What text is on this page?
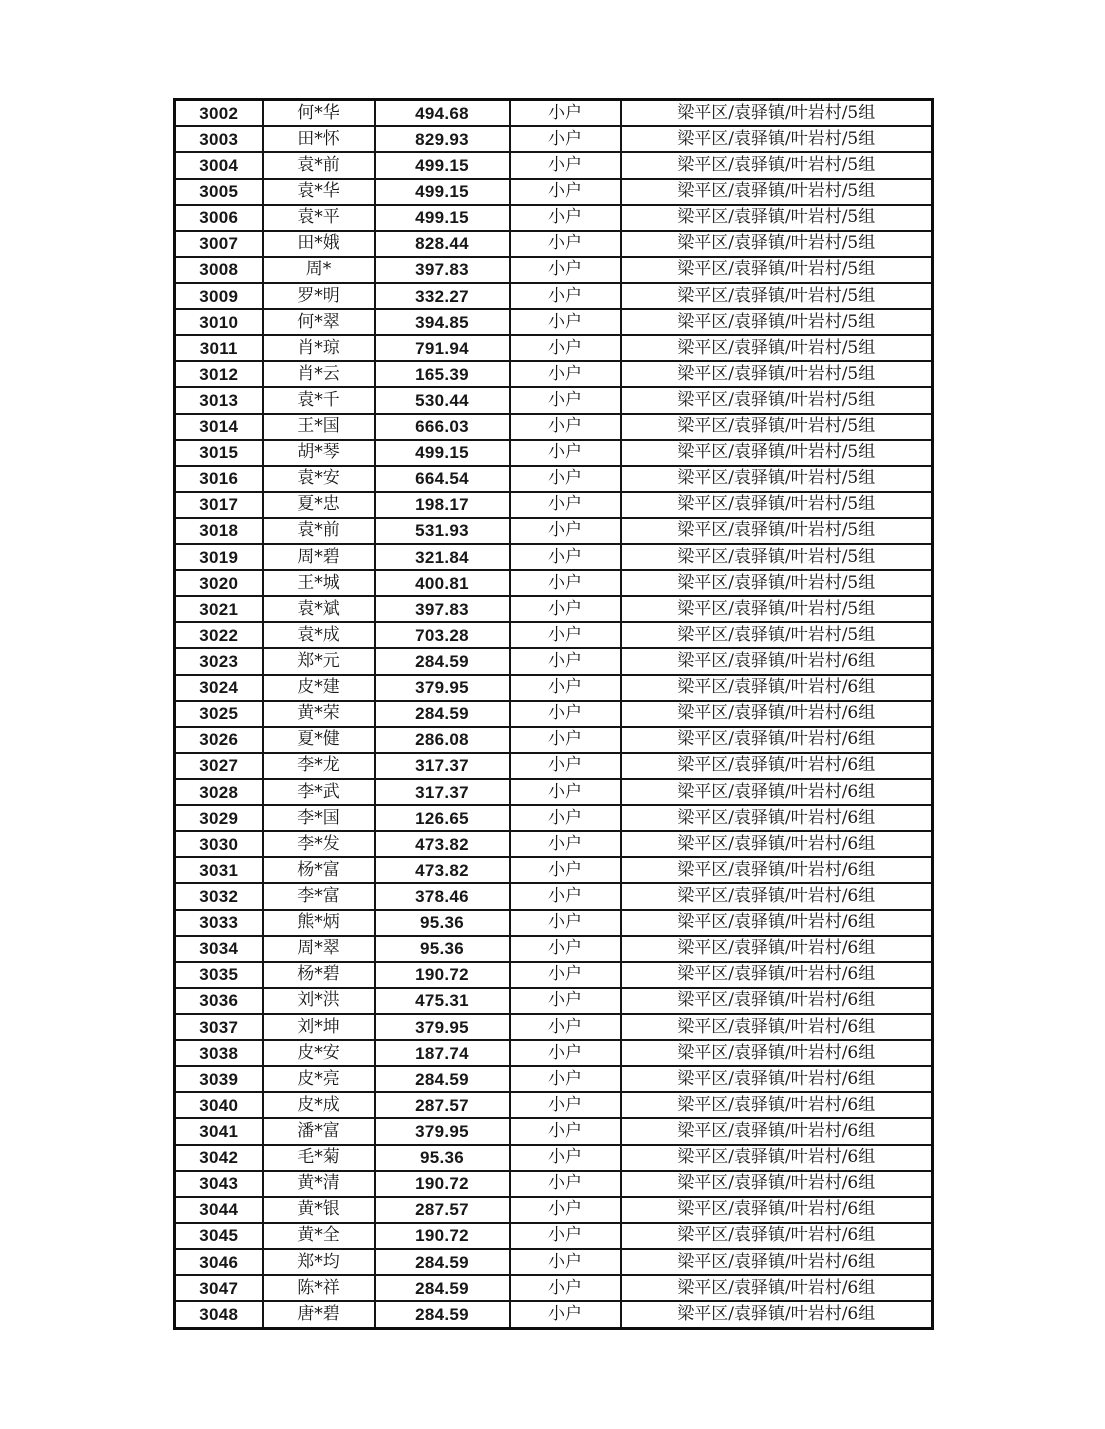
3002	何*华	494.68	小户	梁平区/袁驿镇/叶岩村/5组
3003	田*怀	829.93	小户	梁平区/袁驿镇/叶岩村/5组
3004	袁*前	499.15	小户	梁平区/袁驿镇/叶岩村/5组
3005	袁*华	499.15	小户	梁平区/袁驿镇/叶岩村/5组
3006	袁*平	499.15	小户	梁平区/袁驿镇/叶岩村/5组
3007	田*娥	828.44	小户	梁平区/袁驿镇/叶岩村/5组
3008	周*	397.83	小户	梁平区/袁驿镇/叶岩村/5组
3009	罗*明	332.27	小户	梁平区/袁驿镇/叶岩村/5组
3010	何*翠	394.85	小户	梁平区/袁驿镇/叶岩村/5组
3011	肖*琼	791.94	小户	梁平区/袁驿镇/叶岩村/5组
3012	肖*云	165.39	小户	梁平区/袁驿镇/叶岩村/5组
3013	袁*千	530.44	小户	梁平区/袁驿镇/叶岩村/5组
3014	王*国	666.03	小户	梁平区/袁驿镇/叶岩村/5组
3015	胡*琴	499.15	小户	梁平区/袁驿镇/叶岩村/5组
3016	袁*安	664.54	小户	梁平区/袁驿镇/叶岩村/5组
3017	夏*忠	198.17	小户	梁平区/袁驿镇/叶岩村/5组
3018	袁*前	531.93	小户	梁平区/袁驿镇/叶岩村/5组
3019	周*碧	321.84	小户	梁平区/袁驿镇/叶岩村/5组
3020	王*城	400.81	小户	梁平区/袁驿镇/叶岩村/5组
3021	袁*斌	397.83	小户	梁平区/袁驿镇/叶岩村/5组
3022	袁*成	703.28	小户	梁平区/袁驿镇/叶岩村/5组
3023	郑*元	284.59	小户	梁平区/袁驿镇/叶岩村/6组
3024	皮*建	379.95	小户	梁平区/袁驿镇/叶岩村/6组
3025	黄*荣	284.59	小户	梁平区/袁驿镇/叶岩村/6组
3026	夏*健	286.08	小户	梁平区/袁驿镇/叶岩村/6组
3027	李*龙	317.37	小户	梁平区/袁驿镇/叶岩村/6组
3028	李*武	317.37	小户	梁平区/袁驿镇/叶岩村/6组
3029	李*国	126.65	小户	梁平区/袁驿镇/叶岩村/6组
3030	李*发	473.82	小户	梁平区/袁驿镇/叶岩村/6组
3031	杨*富	473.82	小户	梁平区/袁驿镇/叶岩村/6组
3032	李*富	378.46	小户	梁平区/袁驿镇/叶岩村/6组
3033	熊*炳	95.36	小户	梁平区/袁驿镇/叶岩村/6组
3034	周*翠	95.36	小户	梁平区/袁驿镇/叶岩村/6组
3035	杨*碧	190.72	小户	梁平区/袁驿镇/叶岩村/6组
3036	刘*洪	475.31	小户	梁平区/袁驿镇/叶岩村/6组
3037	刘*坤	379.95	小户	梁平区/袁驿镇/叶岩村/6组
3038	皮*安	187.74	小户	梁平区/袁驿镇/叶岩村/6组
3039	皮*亮	284.59	小户	梁平区/袁驿镇/叶岩村/6组
3040	皮*成	287.57	小户	梁平区/袁驿镇/叶岩村/6组
3041	潘*富	379.95	小户	梁平区/袁驿镇/叶岩村/6组
3042	毛*菊	95.36	小户	梁平区/袁驿镇/叶岩村/6组
3043	黄*清	190.72	小户	梁平区/袁驿镇/叶岩村/6组
3044	黄*银	287.57	小户	梁平区/袁驿镇/叶岩村/6组
3045	黄*全	190.72	小户	梁平区/袁驿镇/叶岩村/6组
3046	郑*均	284.59	小户	梁平区/袁驿镇/叶岩村/6组
3047	陈*祥	284.59	小户	梁平区/袁驿镇/叶岩村/6组
3048	唐*碧	284.59	小户	梁平区/袁驿镇/叶岩村/6组
